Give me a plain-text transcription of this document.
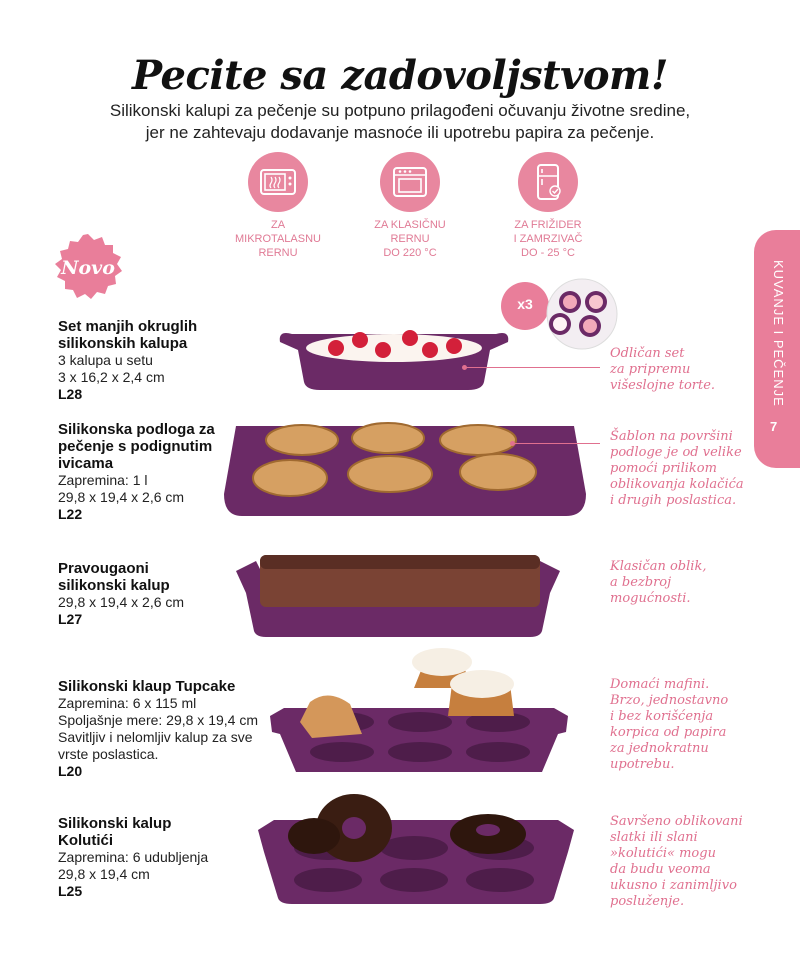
Pecite sa zadovoljstvom!
Silikonski kalupi za pečenje su potpuno prilagođeni očuvanju životne sredine,
jer ne zahtevaju dodavanje masnoće ili upotrebu papira za pečenje.
ZA
MIKROTALASNU
RERNU
ZA KLASIČNU
RERNU
DO 220 °C
ZA FRIŽIDER
I ZAMRZIVAČ
DO - 25 °C
Novo	KUVANJE I PEČENJE
7
x3
Set manjih okruglih
silikonskih kalupa
3 kalupa u setu
3 x 16,2 x 2,4 cm
L28
Silikonska podloga za
pečenje s podignutim
ivicama
Zapremina: 1 l
29,8 x 19,4 x 2,6 cm
L22
Pravougaoni
silikonski kalup
29,8 x 19,4 x 2,6 cm
L27
Silikonski klaup Tupcake
Zapremina: 6 x 115 ml
Spoljašnje mere: 29,8 x 19,4 cm
Savitljiv i nelomljiv kalup za sve
vrste poslastica.
L20
Silikonski kalup
Kolutići
Zapremina: 6 udubljenja
29,8 x 19,4 cm
L25
Odličan set
za pripremu
višeslojne torte.
Šablon na površini
podloge je od velike
pomoći prilikom
oblikovanja kolačića
i drugih poslastica.
Klasičan oblik,
a bezbroj
mogućnosti.
Domaći mafini.
Brzo, jednostavno
i bez korišćenja
korpica od papira
za jednokratnu
upotrebu.
Savršeno oblikovani
slatki ili slani
»kolutići« mogu
da budu veoma
ukusno i zanimljivo
posluženje.
